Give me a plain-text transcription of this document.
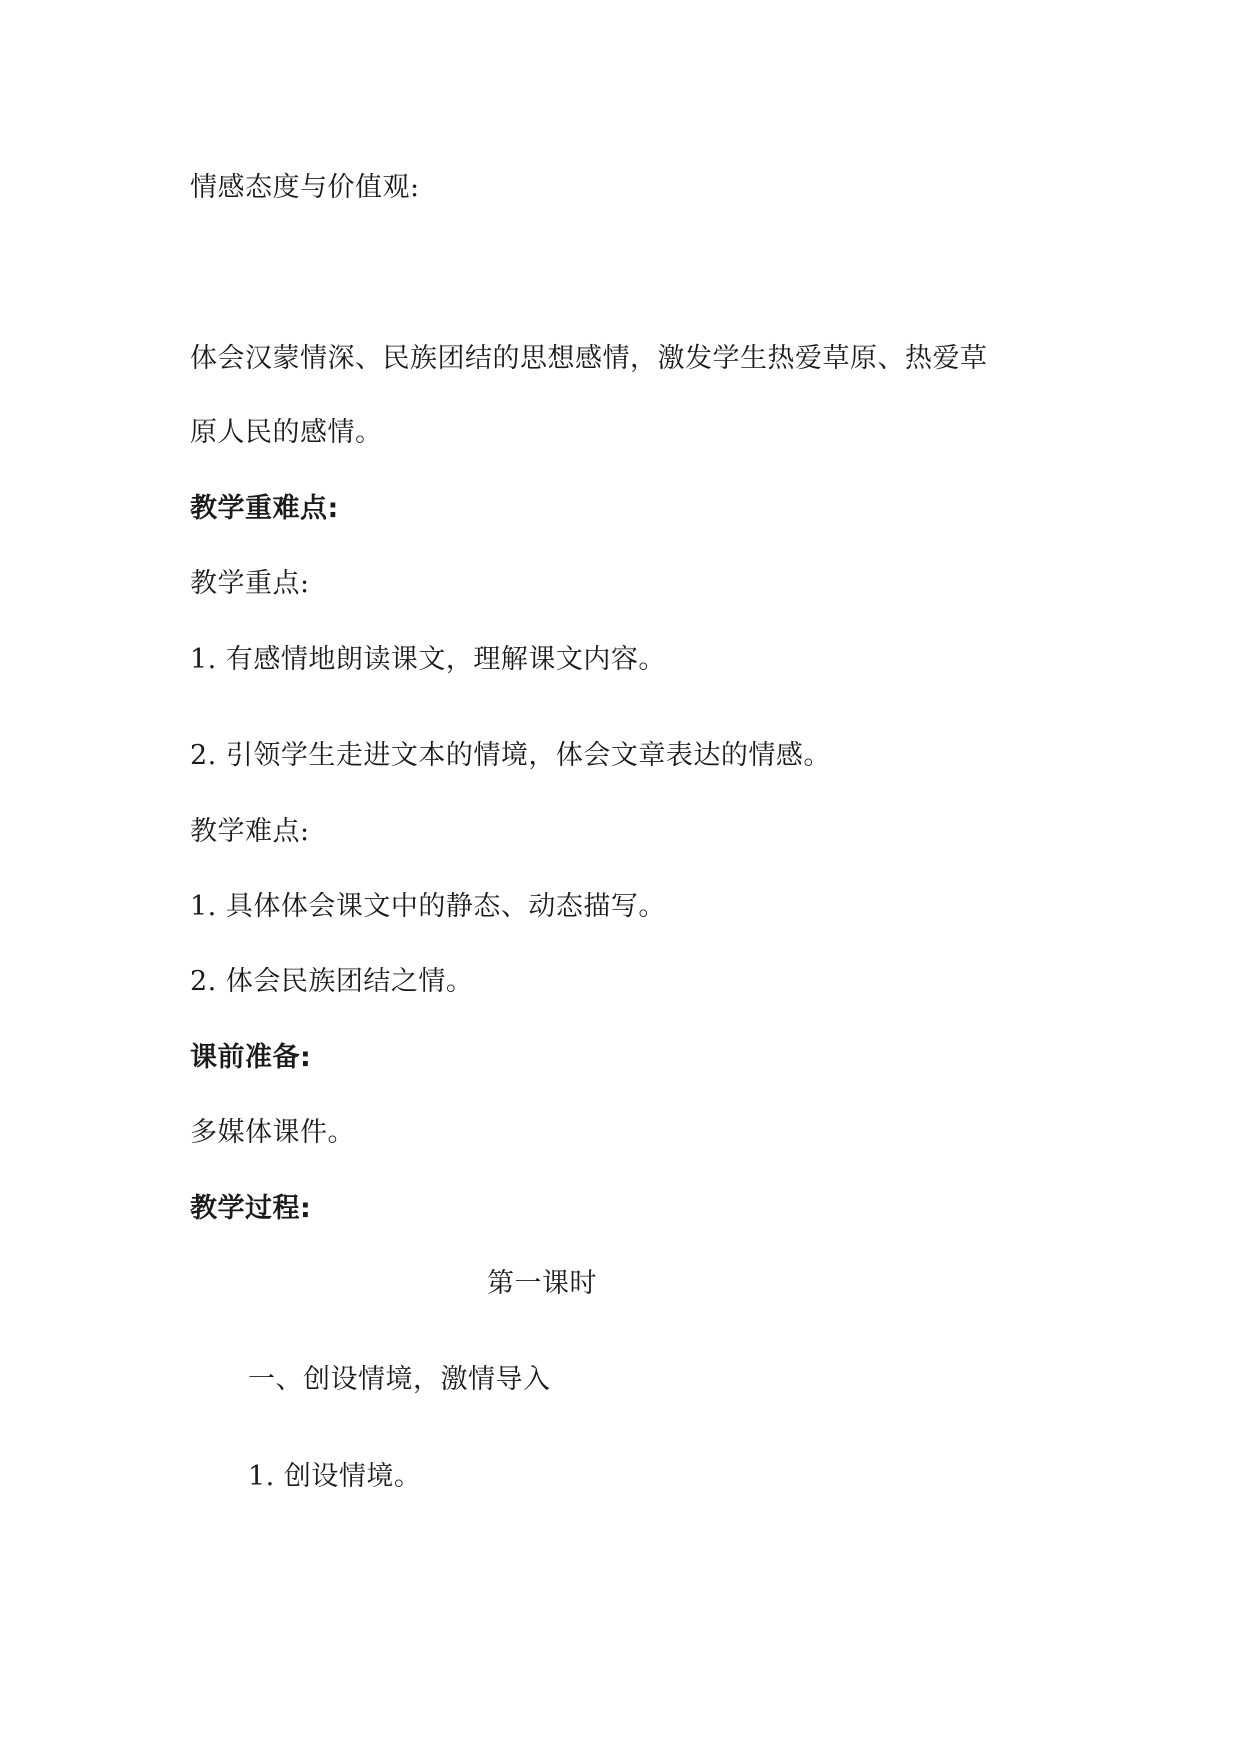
情感态度与价值观:
体会汉蒙情深、民族团结的思想感情，激发学生热爱草原、热爱草
原人民的感情。
教学重难点:
教学重点:
1. 有感情地朗读课文，理解课文内容。
2. 引领学生走进文本的情境，体会文章表达的情感。
教学难点:
1. 具体体会课文中的静态、动态描写。
2. 体会民族团结之情。
课前准备:
多媒体课件。
教学过程:
第一课时
一、创设情境，激情导入
1. 创设情境。
